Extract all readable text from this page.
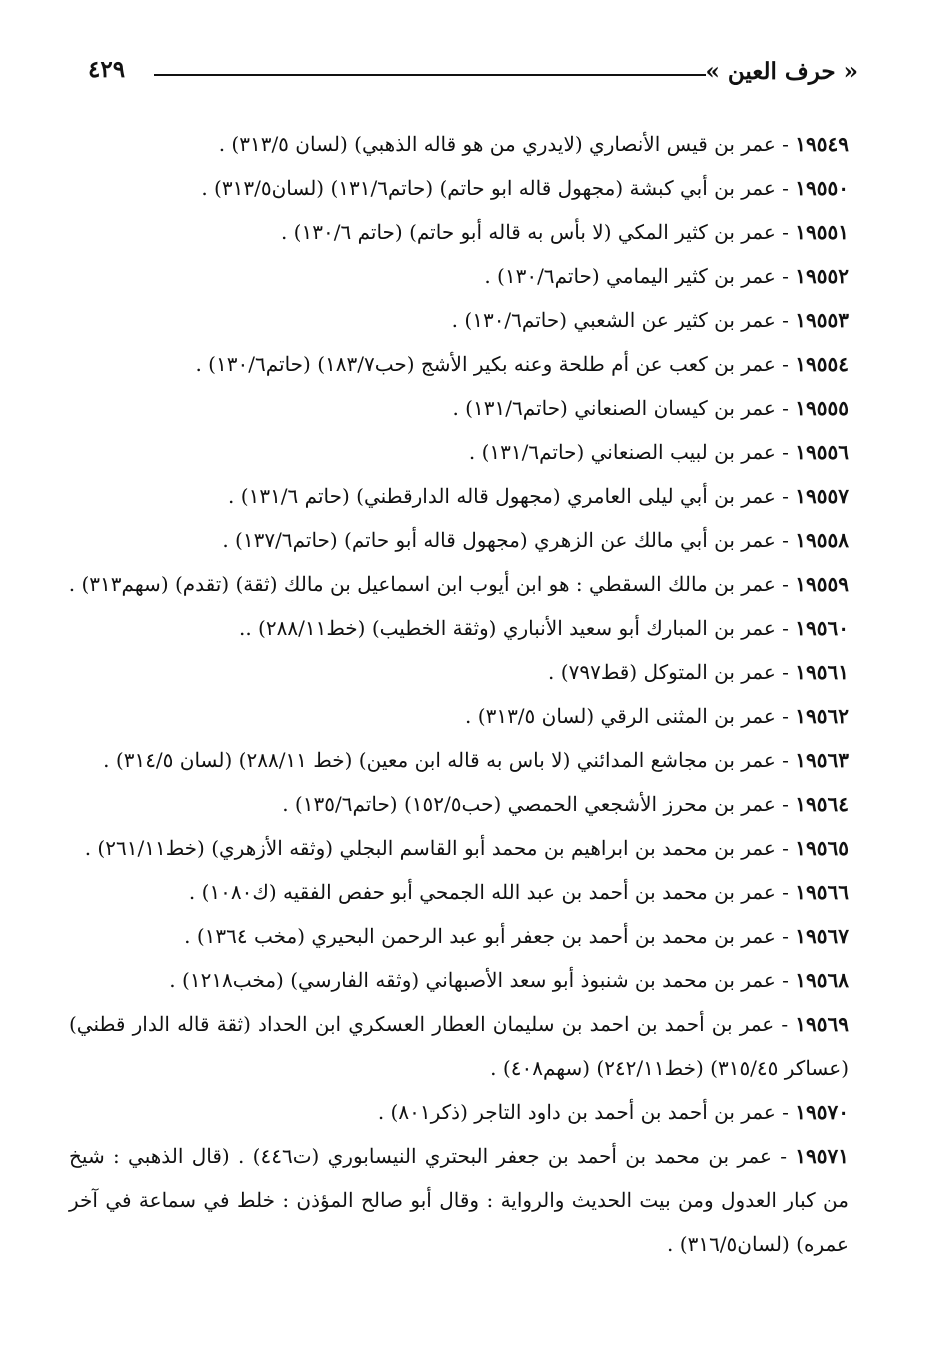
« حرف العين »
٤٢٩
١٩٥٤٩ - عمر بن قيس الأنصاري (لايدري من هو قاله الذهبي) (لسان ٣١٣/٥) .
١٩٥٥٠ - عمر بن أبي كبشة (مجهول قاله ابو حاتم) (حاتم١٣١/٦) (لسان٣١٣/٥) .
١٩٥٥١ - عمر بن كثير المكي (لا بأس به قاله أبو حاتم) (حاتم ١٣٠/٦) .
١٩٥٥٢ - عمر بن كثير اليمامي (حاتم١٣٠/٦) .
١٩٥٥٣ - عمر بن كثير عن الشعبي (حاتم١٣٠/٦) .
١٩٥٥٤ - عمر بن كعب عن أم طلحة وعنه بكير الأشج (حب١٨٣/٧) (حاتم١٣٠/٦) .
١٩٥٥٥ - عمر بن كيسان الصنعاني (حاتم١٣١/٦) .
١٩٥٥٦ - عمر بن لبيب الصنعاني (حاتم١٣١/٦) .
١٩٥٥٧ - عمر بن أبي ليلى العامري (مجهول قاله الدارقطني) (حاتم ١٣١/٦) .
١٩٥٥٨ - عمر بن أبي مالك عن الزهري (مجهول قاله أبو حاتم) (حاتم١٣٧/٦) .
١٩٥٥٩ - عمر بن مالك السقطي : هو ابن أيوب ابن اسماعيل بن مالك (ثقة) (تقدم) (سهم٣١٣) .
١٩٥٦٠ - عمر بن المبارك أبو سعيد الأنباري (وثقة الخطيب) (خط٢٨٨/١١) ..
١٩٥٦١ - عمر بن المتوكل (قط٧٩٧) .
١٩٥٦٢ - عمر بن المثنى الرقي (لسان ٣١٣/٥) .
١٩٥٦٣ - عمر بن مجاشع المدائني (لا باس به قاله ابن معين) (خط ٢٨٨/١١) (لسان ٣١٤/٥) .
١٩٥٦٤ - عمر بن محرز الأشجعي الحمصي (حب١٥٢/٥) (حاتم١٣٥/٦) .
١٩٥٦٥ - عمر بن محمد بن ابراهيم بن محمد أبو القاسم البجلي (وثقه الأزهري) (خط٢٦١/١١) .
١٩٥٦٦ - عمر بن محمد بن أحمد بن عبد الله الجمحي أبو حفص الفقيه (ك١٠٨٠) .
١٩٥٦٧ - عمر بن محمد بن أحمد بن جعفر أبو عبد الرحمن البحيري (مخب ١٣٦٤) .
١٩٥٦٨ - عمر بن محمد بن شنبوذ أبو سعد الأصبهاني (وثقه الفارسي) (مخب١٢١٨) .
١٩٥٦٩ - عمر بن أحمد بن احمد بن سليمان العطار العسكري ابن الحداد (ثقة قاله الدار قطني) (عساكر ٣١٥/٤٥) (خط٢٤٢/١١) (سهم٤٠٨) .
١٩٥٧٠ - عمر بن أحمد بن أحمد بن داود التاجر (ذكر٨٠١) .
١٩٥٧١ - عمر بن محمد بن أحمد بن جعفر البحتري النيسابوري (ت٤٤٦) . (قال الذهبي : شيخ من كبار العدول ومن بيت الحديث والرواية : وقال أبو صالح المؤذن : خلط في سماعة في آخر عمره) (لسان٣١٦/٥) .
